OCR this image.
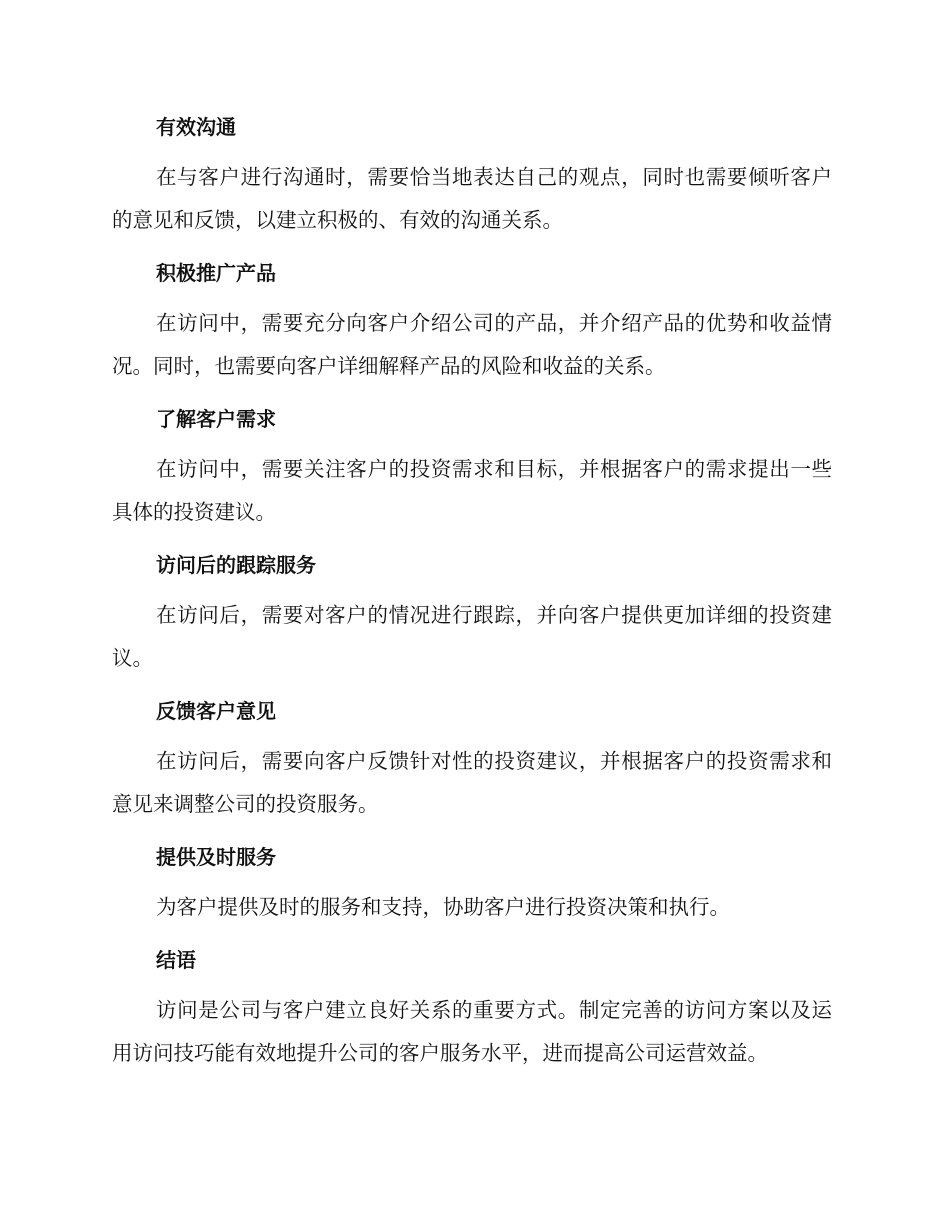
有效沟通

在与客户进行沟通时，需要恰当地表达自己的观点，同时也需要倾听客户的意见和反馈，以建立积极的、有效的沟通关系。

积极推广产品

在访问中，需要充分向客户介绍公司的产品，并介绍产品的优势和收益情况。同时，也需要向客户详细解释产品的风险和收益的关系。

了解客户需求

在访问中，需要关注客户的投资需求和目标，并根据客户的需求提出一些具体的投资建议。

访问后的跟踪服务

在访问后，需要对客户的情况进行跟踪，并向客户提供更加详细的投资建议。

反馈客户意见

在访问后，需要向客户反馈针对性的投资建议，并根据客户的投资需求和意见来调整公司的投资服务。

提供及时服务

为客户提供及时的服务和支持，协助客户进行投资决策和执行。

结语

访问是公司与客户建立良好关系的重要方式。制定完善的访问方案以及运用访问技巧能有效地提升公司的客户服务水平，进而提高公司运营效益。
